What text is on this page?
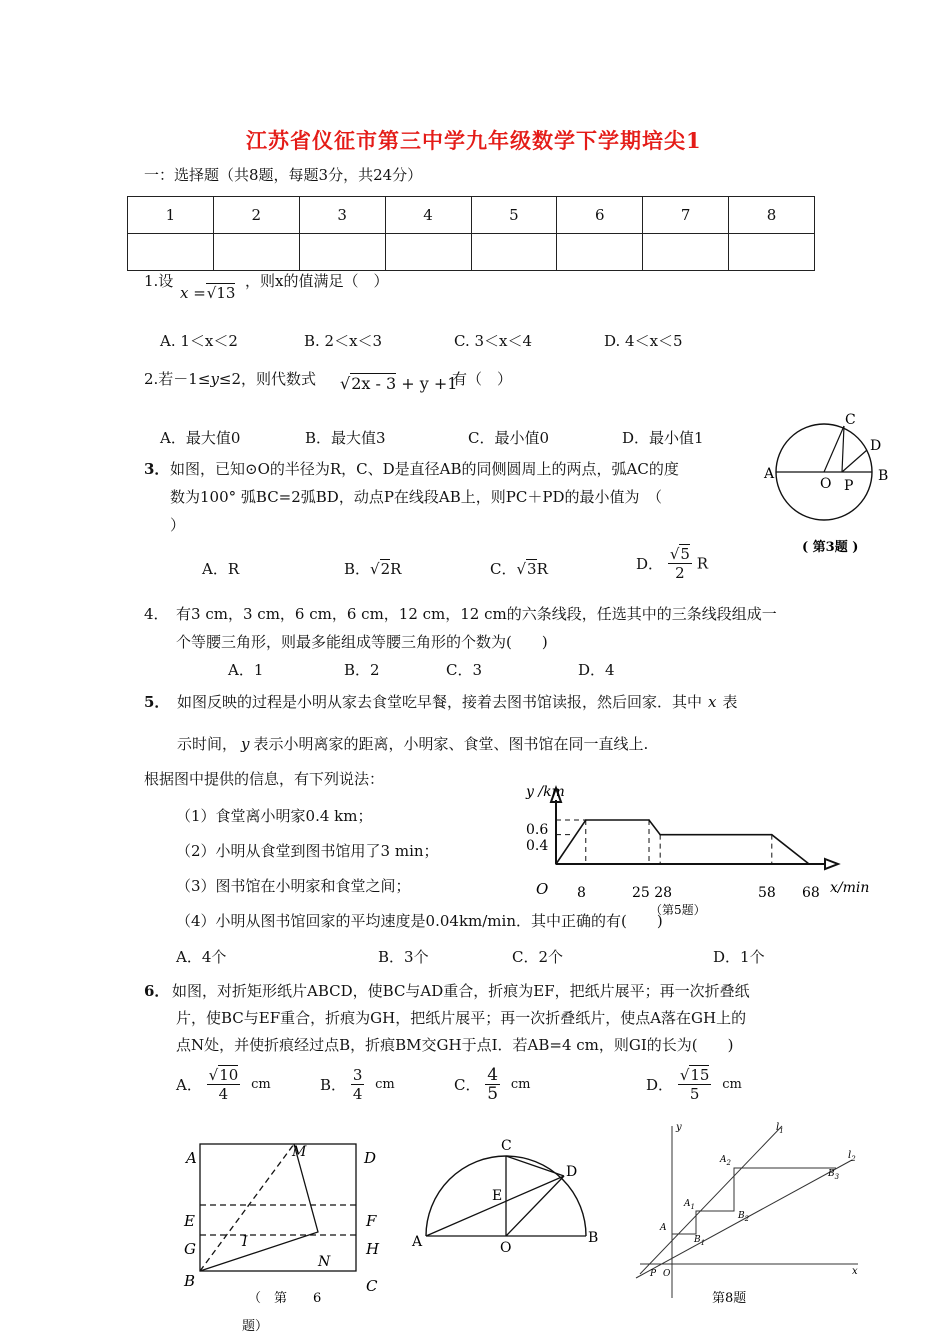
江苏省仪征市第三中学九年级数学下学期培尖1
一：选择题（共8题，每题3分，共24分）
1	2	3	4	5	6	7	8

1.设
x =√13
，则x的值满足（　）
A. 1＜x＜2	B. 2＜x＜3	C. 3＜x＜4	D. 4＜x＜5
2.若－1≤y≤2，则代数式 √2x - 3 + y +1
有（　）
A．最大值0	B．最大值3	C．最小值0	D．最小值1
3． 如图，已知⊙O的半径为R，C、D是直径AB的同侧圆周上的两点，弧AC的度
数为100° 弧BC=2弧BD，动点P在线段AB上，则PC＋PD的最小值为　（
）
A．R	B．√2R	C．√3R	D． $\frac{√5}{2}$ R
A	B
C
D
O P
( 第3题 )
4．　有3 cm，3 cm，6 cm，6 cm，12 cm，12 cm的六条线段，任选其中的三条线段组成一
个等腰三角形，则最多能组成等腰三角形的个数为(　　)
A．1	B．2	C．3	D．4
5． 如图反映的过程是小明从家去食堂吃早餐，接着去图书馆读报，然后回家．其中 x 表
示时间， y 表示小明离家的距离，小明家、食堂、图书馆在同一直线上.
根据图中提供的信息，有下列说法：
（1）食堂离小明家0.4 km；
（2）小明从食堂到图书馆用了3 min；
（3）图书馆在小明家和食堂之间；
（4）小明从图书馆回家的平均速度是0.04km/min．其中正确的有(　　)
A．4个	B．3个	C．2个	D．1个
y /km
x/min
O
0.6
0.4
8	25 28	58 68
（第5题）
6． 如图，对折矩形纸片ABCD，使BC与AD重合，折痕为EF，把纸片展平；再一次折叠纸
片，使BC与EF重合，折痕为GH，把纸片展平；再一次折叠纸片，使点A落在GH上的
点N处，并使折痕经过点B，折痕BM交GH于点I．若AB=4 cm，则GI的长为(　　)
A． $\frac{√10}{4}$ cm	B． $\frac{3}{4}$ cm	C． $\frac{4}{5}$ cm	D． $\frac{√15}{5}$ cm
A	M	D
E	F
G	H
I
B
N
C
（　第　　6
题）
C
D
E
A	O
B
y
x
$l_1$
$l_2$
A
$A_1$
$A_2$
$B_1$
$B_2$
$B_3$
P O
第8题
